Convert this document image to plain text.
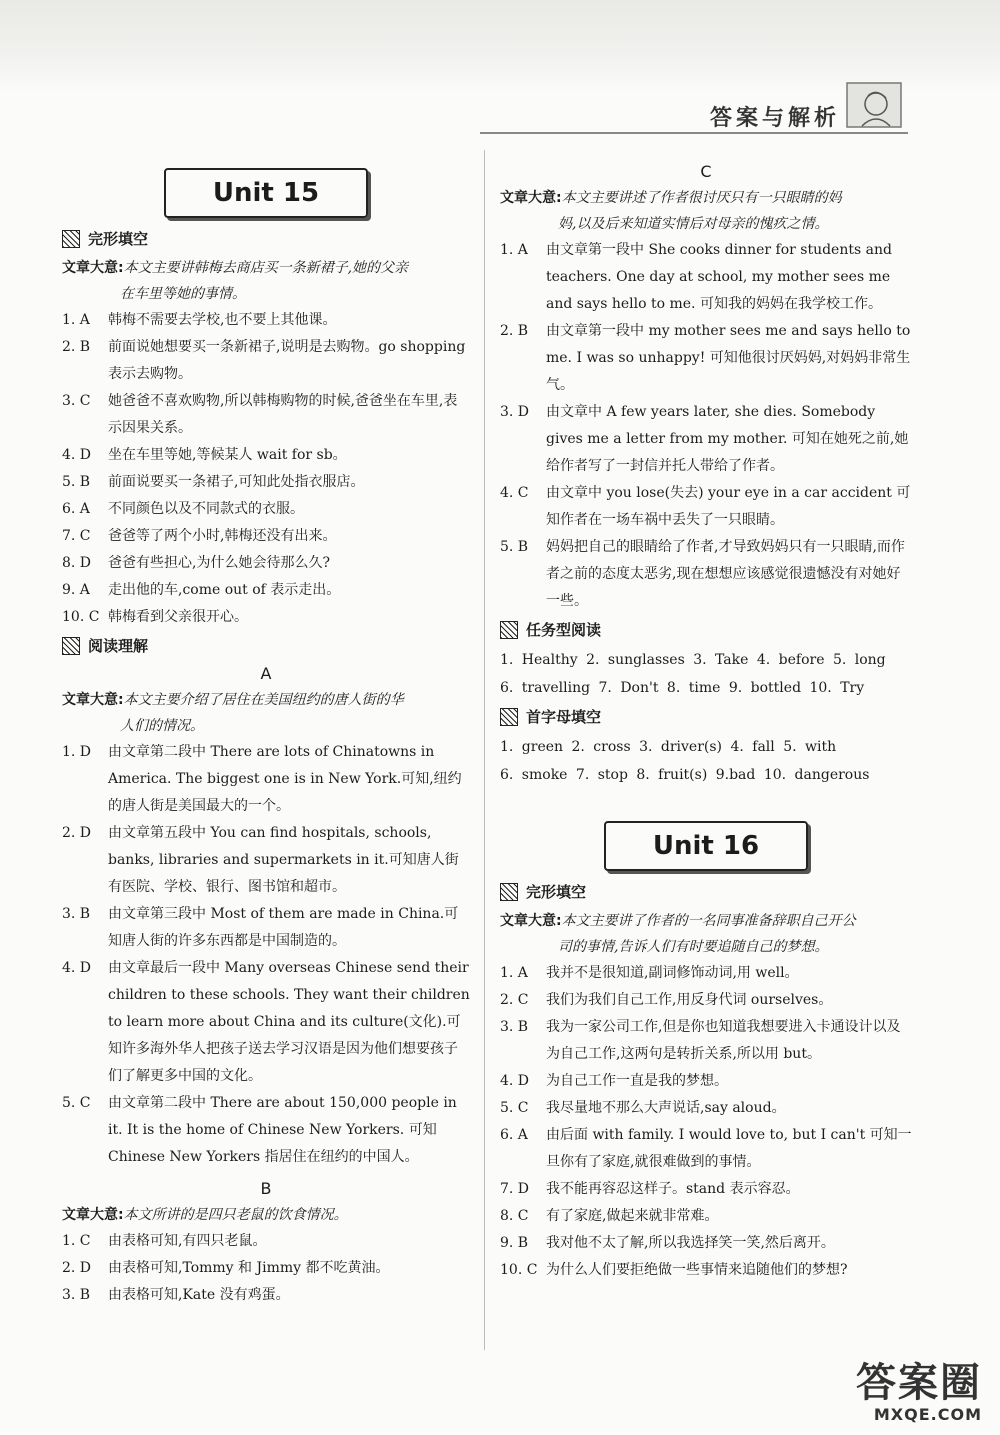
答案与解析
Unit 15
完形填空
文章大意:本文主要讲韩梅去商店买一条新裙子,她的父亲
在车里等她的事情。
1. A	韩梅不需要去学校,也不要上其他课。
2. B	前面说她想要买一条新裙子,说明是去购物。go shopping 表示去购物。
3. C	她爸爸不喜欢购物,所以韩梅购物的时候,爸爸坐在车里,表示因果关系。
4. D	坐在车里等她,等候某人 wait for sb。
5. B	前面说要买一条裙子,可知此处指衣服店。
6. A	不同颜色以及不同款式的衣服。
7. C	爸爸等了两个小时,韩梅还没有出来。
8. D	爸爸有些担心,为什么她会待那么久?
9. A	走出他的车,come out of 表示走出。
10. C 韩梅看到父亲很开心。
阅读理解
A
文章大意:本文主要介绍了居住在美国纽约的唐人街的华
人们的情况。
1. D	由文章第二段中 There are lots of Chinatowns in America. The biggest one is in New York.可知,纽约的唐人街是美国最大的一个。
2. D	由文章第五段中 You can find hospitals, schools, banks, libraries and supermarkets in it.可知唐人街有医院、学校、银行、图书馆和超市。
3. B	由文章第三段中 Most of them are made in China.可知唐人街的许多东西都是中国制造的。
4. D	由文章最后一段中 Many overseas Chinese send their children to these schools. They want their children to learn more about China and its culture(文化).可知许多海外华人把孩子送去学习汉语是因为他们想要孩子们了解更多中国的文化。
5. C	由文章第二段中 There are about 150,000 people in it. It is the home of Chinese New Yorkers. 可知 Chinese New Yorkers 指居住在纽约的中国人。
B
文章大意:本文所讲的是四只老鼠的饮食情况。
1. C	由表格可知,有四只老鼠。
2. D	由表格可知,Tommy 和 Jimmy 都不吃黄油。
3. B	由表格可知,Kate 没有鸡蛋。
C
文章大意:本文主要讲述了作者很讨厌只有一只眼睛的妈
妈,以及后来知道实情后对母亲的愧疚之情。
1. A	由文章第一段中 She cooks dinner for students and teachers. One day at school, my mother sees me and says hello to me. 可知我的妈妈在我学校工作。
2. B	由文章第一段中 my mother sees me and says hello to me. I was so unhappy! 可知他很讨厌妈妈,对妈妈非常生气。
3. D	由文章中 A few years later, she dies. Somebody gives me a letter from my mother. 可知在她死之前,她给作者写了一封信并托人带给了作者。
4. C	由文章中 you lose(失去) your eye in a car accident 可知作者在一场车祸中丢失了一只眼睛。
5. B	妈妈把自己的眼睛给了作者,才导致妈妈只有一只眼睛,而作者之前的态度太恶劣,现在想想应该感觉很遗憾没有对她好一些。
任务型阅读
1. Healthy 2. sunglasses 3. Take 4. before 5. long
6. travelling 7. Don't 8. time 9. bottled 10. Try
首字母填空
1. green 2. cross 3. driver(s) 4. fall 5. with
6. smoke 7. stop 8. fruit(s) 9.bad 10. dangerous
Unit 16
完形填空
文章大意:本文主要讲了作者的一名同事准备辞职自己开公
司的事情,告诉人们有时要追随自己的梦想。
1. A	我并不是很知道,副词修饰动词,用 well。
2. C	我们为我们自己工作,用反身代词 ourselves。
3. B	我为一家公司工作,但是你也知道我想要进入卡通设计以及为自己工作,这两句是转折关系,所以用 but。
4. D	为自己工作一直是我的梦想。
5. C	我尽量地不那么大声说话,say aloud。
6. A	由后面 with family. I would love to, but I can't 可知一旦你有了家庭,就很难做到的事情。
7. D	我不能再容忍这样子。stand 表示容忍。
8. C	有了家庭,做起来就非常难。
9. B	我对他不太了解,所以我选择笑一笑,然后离开。
10. C 为什么人们要拒绝做一些事情来追随他们的梦想?
答案圈
MXQE.COM
